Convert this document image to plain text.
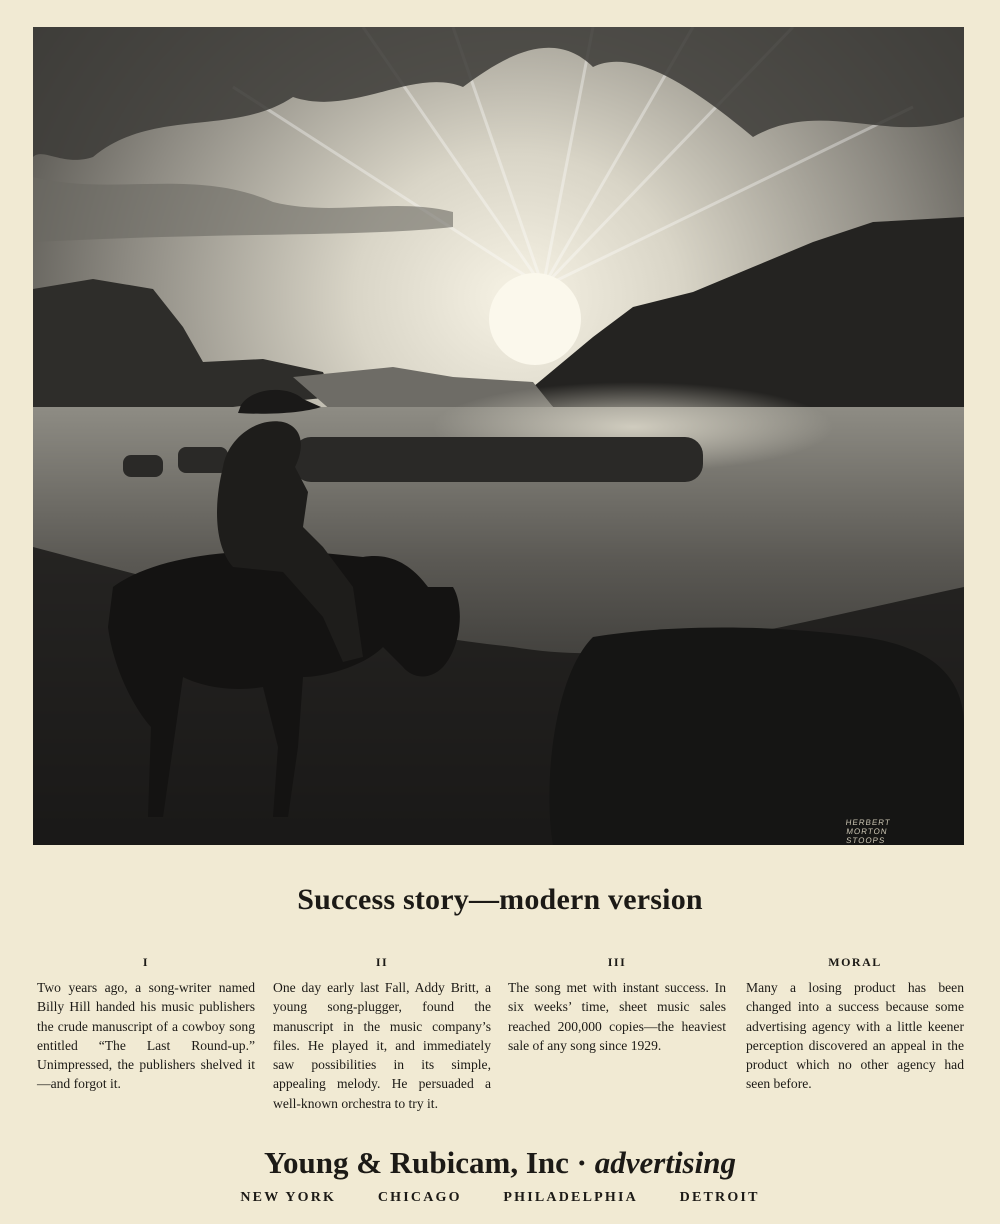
HERBERT MORTON STOOPS
Success story—modern version
I

Two years ago, a song-writer named Billy Hill handed his music publishers the crude manuscript of a cowboy song entitled “The Last Round-up.” Unimpressed, the publishers shelved it—and forgot it.

II

One day early last Fall, Addy Britt, a young song-plugger, found the manuscript in the music company’s files. He played it, and immediately saw possibilities in its simple, appealing melody. He persuaded a well-known orchestra to try it.

III

The song met with instant success. In six weeks’ time, sheet music sales reached 200,000 copies—the heaviest sale of any song since 1929.

MORAL

Many a losing product has been changed into a success because some advertising agency with a little keener perception discovered an appeal in the product which no other agency had seen before.

Young & Rubicam, Inc · advertising
NEW YORK	CHICAGO	PHILADELPHIA	DETROIT
